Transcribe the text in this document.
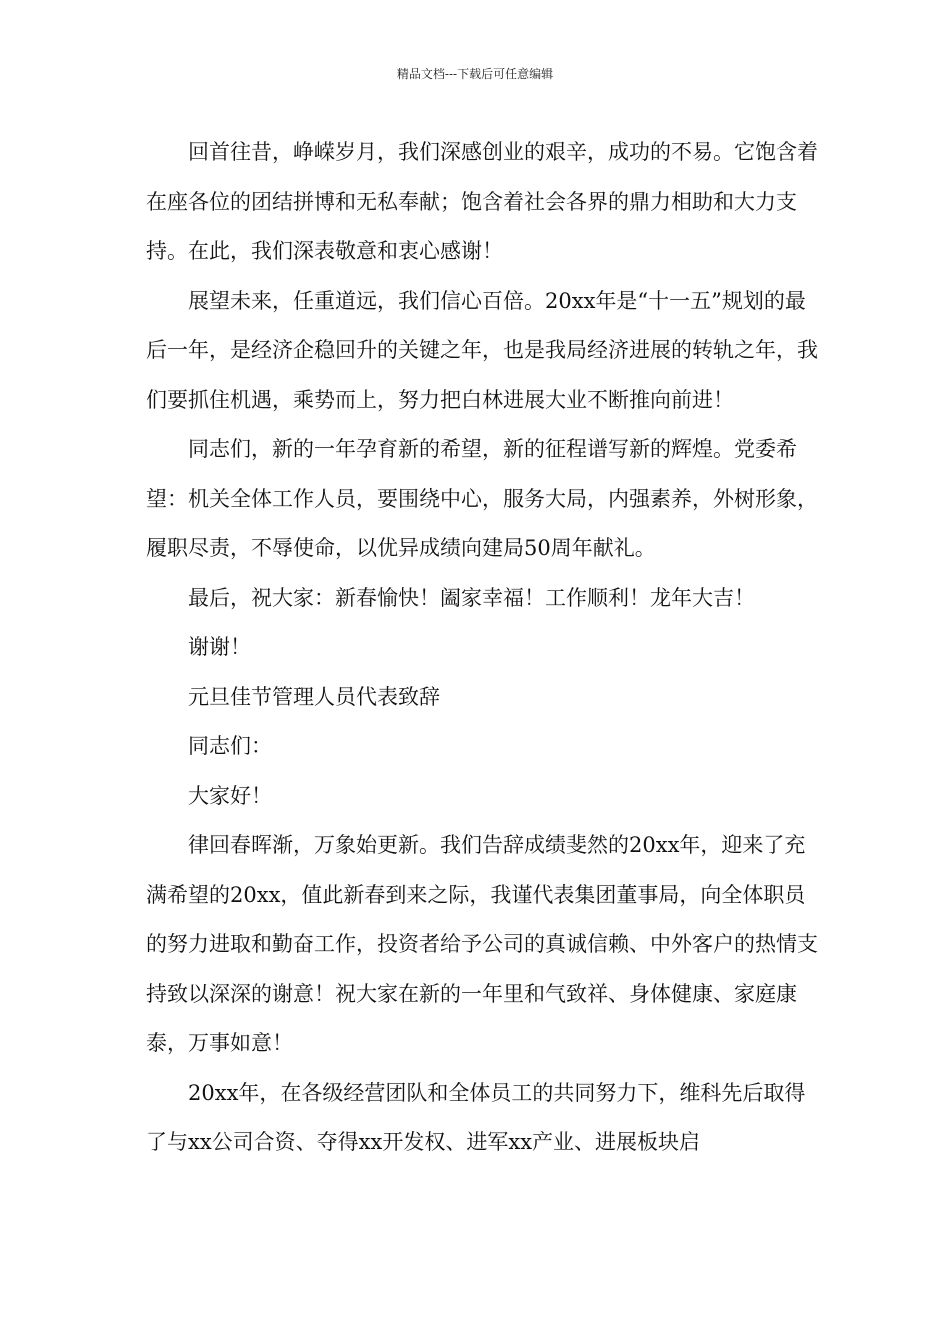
精品文档---下载后可任意编辑

回首往昔，峥嵘岁月，我们深感创业的艰辛，成功的不易。它饱含着在座各位的团结拼博和无私奉献；饱含着社会各界的鼎力相助和大力支持。在此，我们深表敬意和衷心感谢！

展望未来，任重道远，我们信心百倍。20xx年是“十一五”规划的最后一年，是经济企稳回升的关键之年，也是我局经济进展的转轨之年，我们要抓住机遇，乘势而上，努力把白林进展大业不断推向前进！

同志们，新的一年孕育新的希望，新的征程谱写新的辉煌。党委希望：机关全体工作人员，要围绕中心，服务大局，内强素养，外树形象，履职尽责，不辱使命，以优异成绩向建局50周年献礼。

最后，祝大家：新春愉快！阖家幸福！工作顺利！龙年大吉！

谢谢！

元旦佳节管理人员代表致辞

同志们：

大家好！

律回春晖渐，万象始更新。我们告辞成绩斐然的20xx年，迎来了充满希望的20xx，值此新春到来之际，我谨代表集团董事局，向全体职员的努力进取和勤奋工作，投资者给予公司的真诚信赖、中外客户的热情支持致以深深的谢意！祝大家在新的一年里和气致祥、身体健康、家庭康泰，万事如意！

20xx年，在各级经营团队和全体员工的共同努力下，维科先后取得了与xx公司合资、夺得xx开发权、进军xx产业、进展板块启
